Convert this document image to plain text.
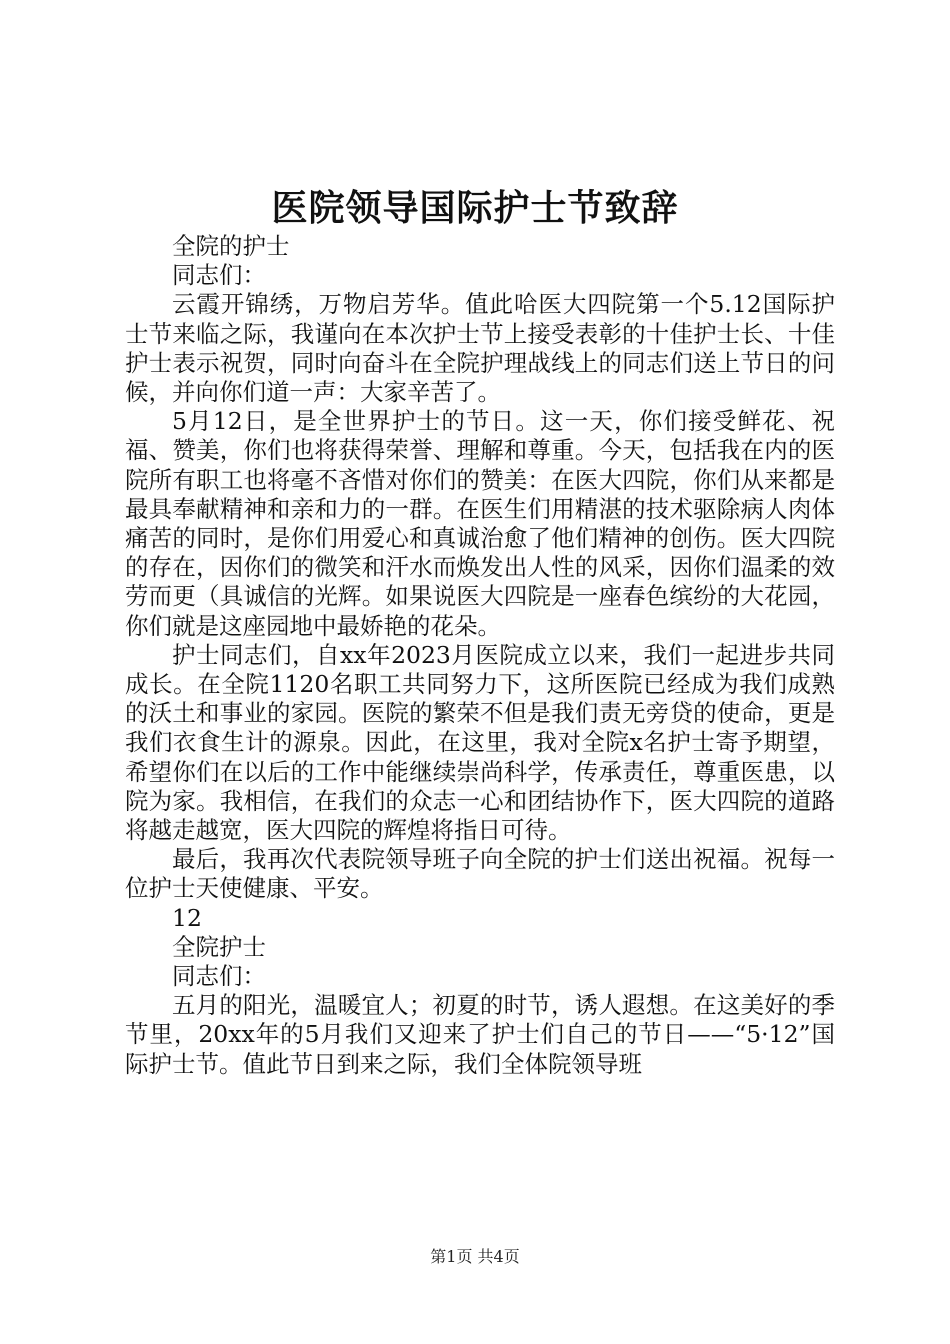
医院领导国际护士节致辞

全院的护士

同志们：

云霞开锦绣，万物启芳华。值此哈医大四院第一个5.12国际护士节来临之际，我谨向在本次护士节上接受表彰的十佳护士长、十佳护士表示祝贺，同时向奋斗在全院护理战线上的同志们送上节日的问候，并向你们道一声：大家辛苦了。

5月12日，是全世界护士的节日。这一天，你们接受鲜花、祝福、赞美，你们也将获得荣誉、理解和尊重。今天，包括我在内的医院所有职工也将毫不吝惜对你们的赞美：在医大四院，你们从来都是最具奉献精神和亲和力的一群。在医生们用精湛的技术驱除病人肉体痛苦的同时，是你们用爱心和真诚治愈了他们精神的创伤。医大四院的存在，因你们的微笑和汗水而焕发出人性的风采，因你们温柔的效劳而更（具诚信的光辉。如果说医大四院是一座春色缤纷的大花园，你们就是这座园地中最娇艳的花朵。

护士同志们，自xx年2023月医院成立以来，我们一起进步共同成长。在全院1120名职工共同努力下，这所医院已经成为我们成熟的沃土和事业的家园。医院的繁荣不但是我们责无旁贷的使命，更是我们衣食生计的源泉。因此，在这里，我对全院x名护士寄予期望，希望你们在以后的工作中能继续崇尚科学，传承责任，尊重医患，以院为家。我相信，在我们的众志一心和团结协作下，医大四院的道路将越走越宽，医大四院的辉煌将指日可待。

最后，我再次代表院领导班子向全院的护士们送出祝福。祝每一位护士天使健康、平安。

12

全院护士

同志们：

五月的阳光，温暖宜人；初夏的时节，诱人遐想。在这美好的季节里，20xx年的5月我们又迎来了护士们自己的节日——“5·12”国际护士节。值此节日到来之际，我们全体院领导班

第1页 共4页
